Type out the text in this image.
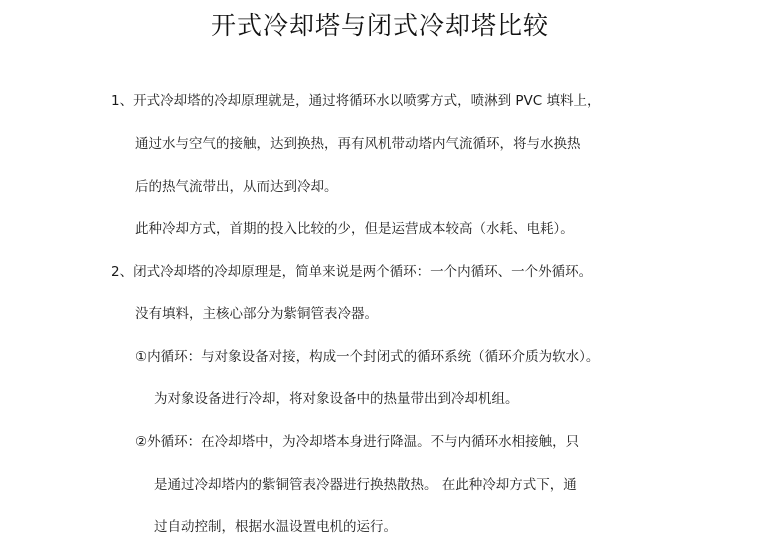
开式冷却塔与闭式冷却塔比较
1、开式冷却塔的冷却原理就是，通过将循环水以喷雾方式，喷淋到 PVC 填料上，
通过水与空气的接触，达到换热，再有风机带动塔内气流循环，将与水换热
后的热气流带出，从而达到冷却。
此种冷却方式，首期的投入比较的少，但是运营成本较高（水耗、电耗）。
2、闭式冷却塔的冷却原理是，简单来说是两个循环：一个内循环、一个外循环。
没有填料，主核心部分为紫铜管表冷器。
①内循环：与对象设备对接，构成一个封闭式的循环系统（循环介质为软水）。
为对象设备进行冷却，将对象设备中的热量带出到冷却机组。
②外循环：在冷却塔中，为冷却塔本身进行降温。不与内循环水相接触，只
是通过冷却塔内的紫铜管表冷器进行换热散热。 在此种冷却方式下，通
过自动控制，根据水温设置电机的运行。
